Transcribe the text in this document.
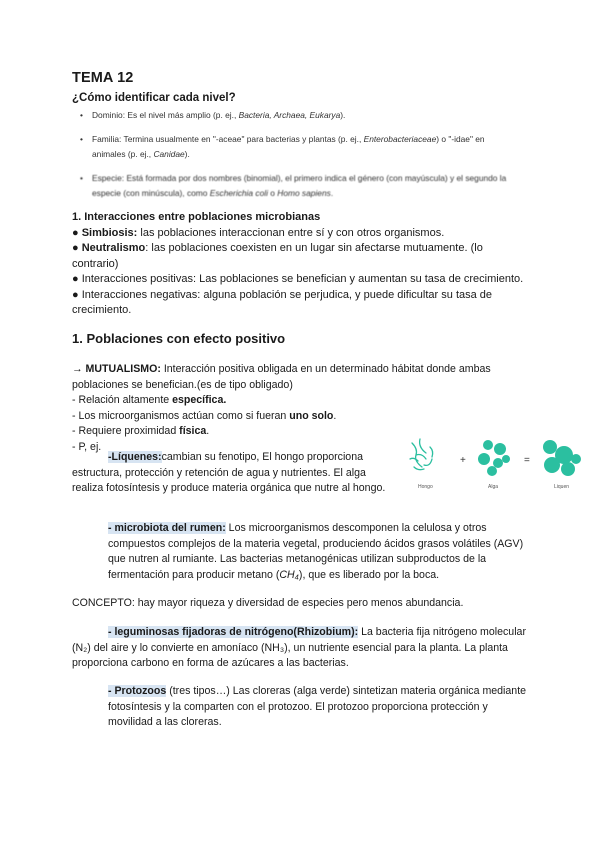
TEMA 12
¿Cómo identificar cada nivel?
• Dominio: Es el nivel más amplio (p. ej., Bacteria, Archaea, Eukarya).
• Familia: Termina usualmente en "-aceae" para bacterias y plantas (p. ej., Enterobacteriaceae) o "-idae" en animales (p. ej., Canidae).
• Especie: Está formada por dos nombres (binomial), el primero indica el género (con mayúscula) y el segundo la especie (con minúscula), como Escherichia coli o Homo sapiens.
1. Interacciones entre poblaciones microbianas
● Simbiosis: las poblaciones interaccionan entre sí y con otros organismos.
● Neutralismo: las poblaciones coexisten en un lugar sin afectarse mutuamente. (lo contrario)
● Interacciones positivas: Las poblaciones se benefician y aumentan su tasa de crecimiento.
● Interacciones negativas: alguna población se perjudica, y puede dificultar su tasa de crecimiento.
1. Poblaciones con efecto positivo
→ MUTUALISMO: Interacción positiva obligada en un determinado hábitat donde ambas poblaciones se benefician.(es de tipo obligado)
- Relación altamente específica.
- Los microorganismos actúan como si fueran uno solo.
- Requiere proximidad física.
- P, ej.
-Líquenes:cambian su fenotipo, El hongo proporciona estructura, protección y retención de agua y nutrientes. El alga realiza fotosíntesis y produce materia orgánica que nutre al hongo.	Hongo
+
Alga
=
Liquen
- microbiota del rumen: Los microorganismos descomponen la celulosa y otros compuestos complejos de la materia vegetal, produciendo ácidos grasos volátiles (AGV) que nutren al rumiante. Las bacterias metanogénicas utilizan subproductos de la fermentación para producir metano (CH₄), que es liberado por la boca.
CONCEPTO: hay mayor riqueza y diversidad de especies pero menos abundancia.
- leguminosas fijadoras de nitrógeno(Rhizobium): La bacteria fija nitrógeno molecular (N₂) del aire y lo convierte en amoníaco (NH₃), un nutriente esencial para la planta. La planta proporciona carbono en forma de azúcares a las bacterias.
- Protozoos (tres tipos…) Las cloreras (alga verde) sintetizan materia orgánica mediante fotosíntesis y la comparten con el protozoo. El protozoo proporciona protección y movilidad a las cloreras.
